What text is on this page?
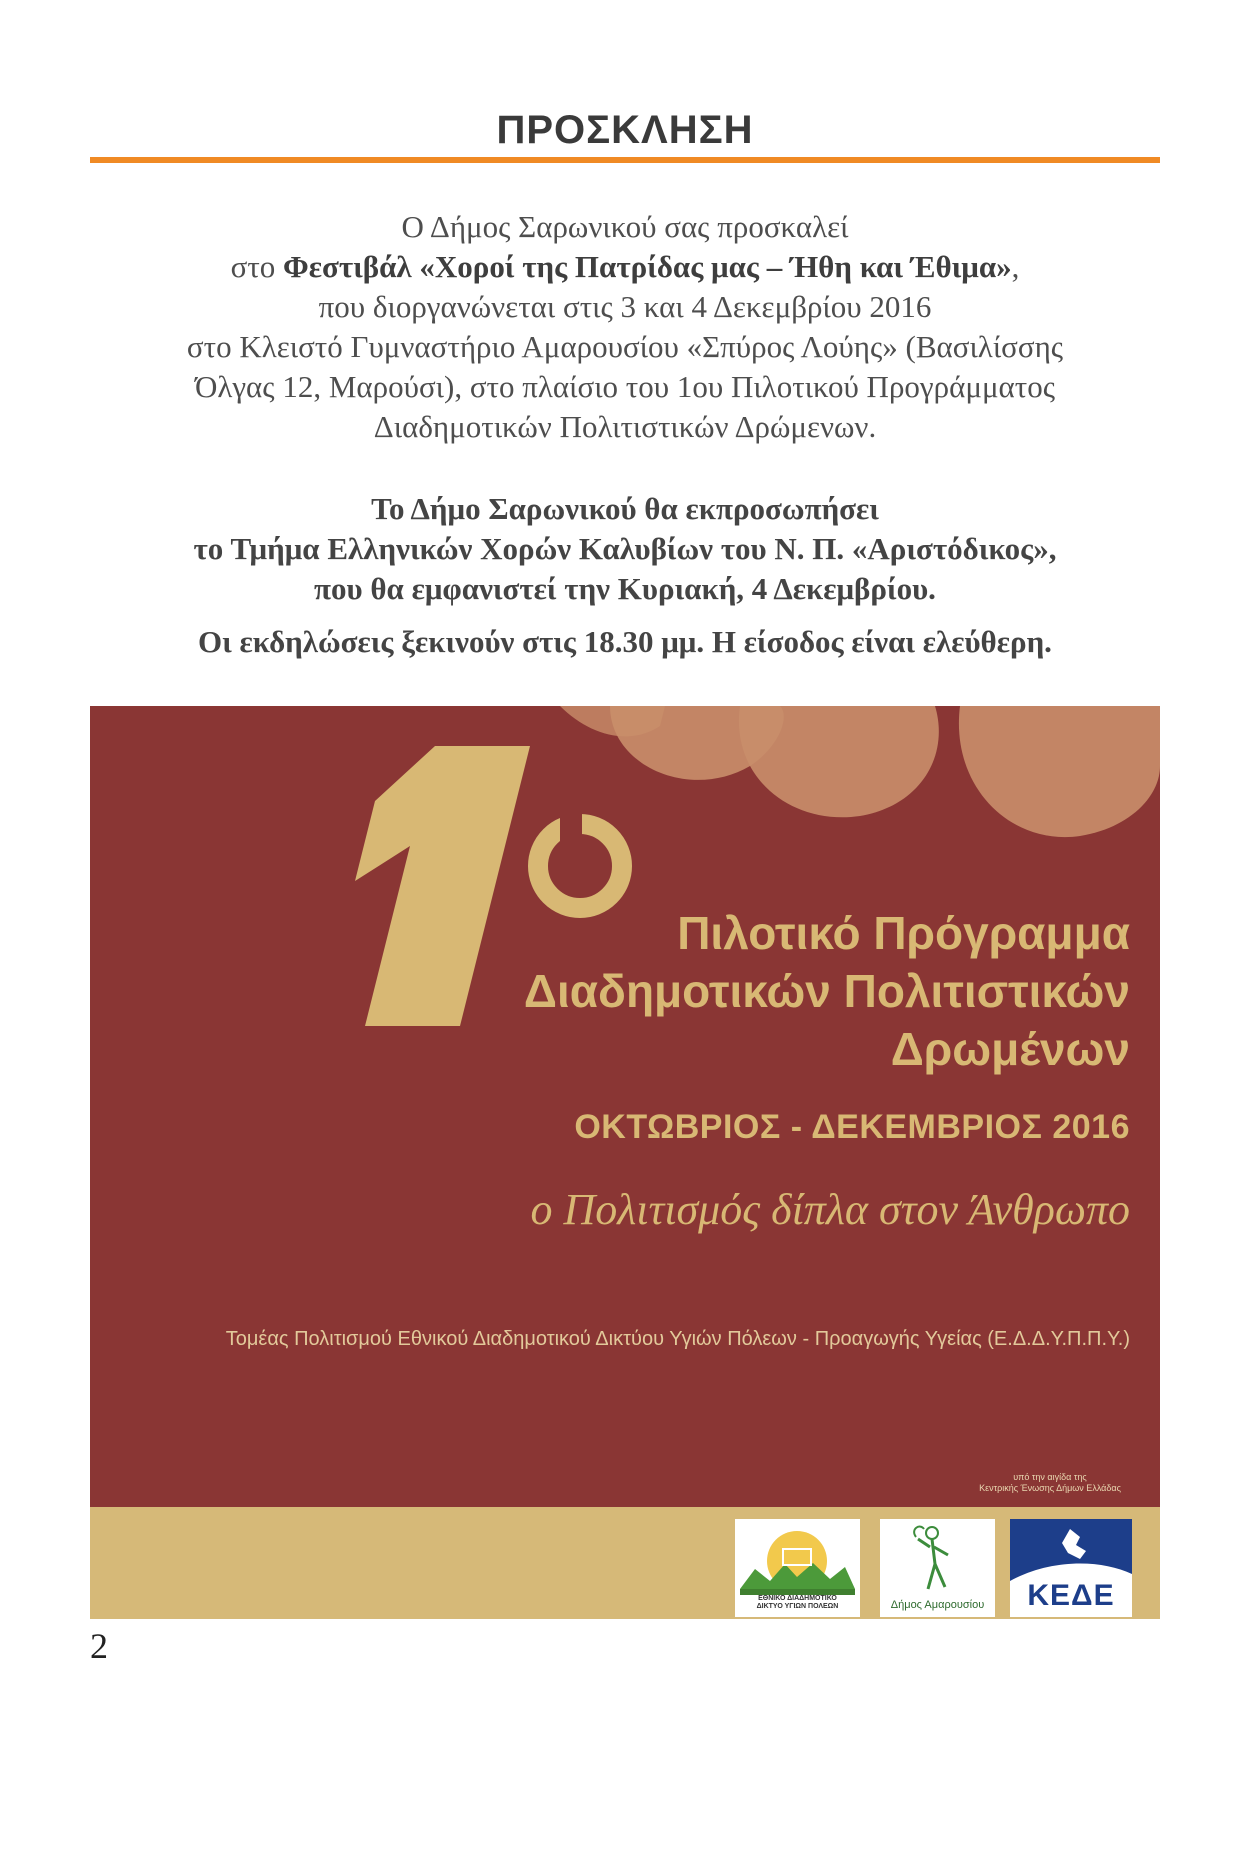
ΠΡΟΣΚΛΗΣΗ
Ο Δήμος Σαρωνικού σας προσκαλεί
στο Φεστιβάλ «Χοροί της Πατρίδας μας – Ήθη και Έθιμα»,
που διοργανώνεται στις 3 και 4 Δεκεμβρίου 2016
στο Κλειστό Γυμναστήριο Αμαρουσίου «Σπύρος Λούης» (Βασιλίσσης
Όλγας 12, Μαρούσι), στο πλαίσιο του 1ου Πιλοτικού Προγράμματος
Διαδημοτικών Πολιτιστικών Δρώμενων.
Το Δήμο Σαρωνικού θα εκπροσωπήσει
το Τμήμα Ελληνικών Χορών Καλυβίων του Ν. Π. «Αριστόδικος»,
που θα εμφανιστεί την Κυριακή, 4 Δεκεμβρίου.
Οι εκδηλώσεις ξεκινούν στις 18.30 μμ. Η είσοδος είναι ελεύθερη.
Πιλοτικό Πρόγραμμα
Διαδημοτικών Πολιτιστικών
Δρωμένων
ΟΚΤΩΒΡΙΟΣ - ΔΕΚΕΜΒΡΙΟΣ 2016
ο Πολιτισμός δίπλα στον Άνθρωπο
Τομέας Πολιτισμού Εθνικού Διαδημοτικού Δικτύου Υγιών Πόλεων - Προαγωγής Υγείας (Ε.Δ.Δ.Υ.Π.Π.Υ.)
υπό την αιγίδα της
Κεντρικής Ένωσης Δήμων Ελλάδας
ΕΘΝΙΚΟ ΔΙΑΔΗΜΟΤΙΚΟ
ΔΙΚΤΥΟ ΥΓΙΩΝ ΠΟΛΕΩΝ	Δήμος Αμαρουσίου	ΚΕΔΕ
2
